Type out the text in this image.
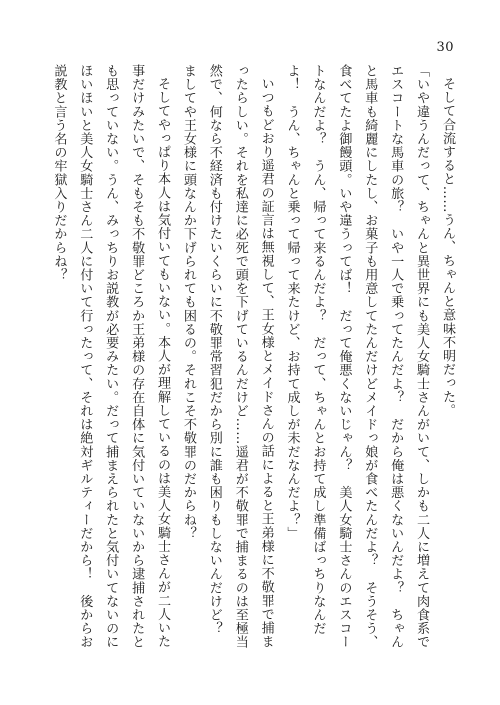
30

そして合流すると……うん、ちゃんと意味不明だった。

「いや違うんだって、ちゃんと異世界にも美人女騎士さんがいて、しかも二人に増えて肉食系でエスコートな馬車の旅？　いや一人で乗ってたんだよ？　だから俺は悪くないんだよ？　ちゃんと馬車も綺麗にしたし、お菓子も用意してたんだけどメイドっ娘が食べたんだよ？　そうそう、食べてたよ御饅頭。いや違うってば！　だって俺悪くないじゃん？　美人女騎士さんのエスコートなんだよ？　うん、帰って来るんだよ？　だって、ちゃんとお持て成し準備ばっちりなんだよ！　うん、ちゃんと乗って帰って来たけど、お持て成しが未だなんだよ？」

いつもどおり遥君の証言は無視して、王女様とメイドさんの話によると王弟様に不敬罪で捕まったらしい。それを私達に必死で頭を下げているんだけど……遥君が不敬罪で捕まるのは至極当然で、何なら不経済も付けたいくらいに不敬罪常習犯だから別に誰も困りもしないんだけど？　ましてや王女様に頭なんか下げられても困るの。それこそ不敬罪のだからね？

そしてやっぱり本人は気付いてもいない。本人が理解しているのは美人女騎士さんが二人いた事だけみたいで、そもそも不敬罪どころか王弟様の存在自体に気付いていないから逮捕されたとも思っていない。うん、みっちりお説教が必要みたい。だって捕まえられたと気付いてないのにほいほいと美人女騎士さん二人に付いて行ったって、それは絶対ギルティーだから！　後からお説教と言う名の牢獄入りだからね？
